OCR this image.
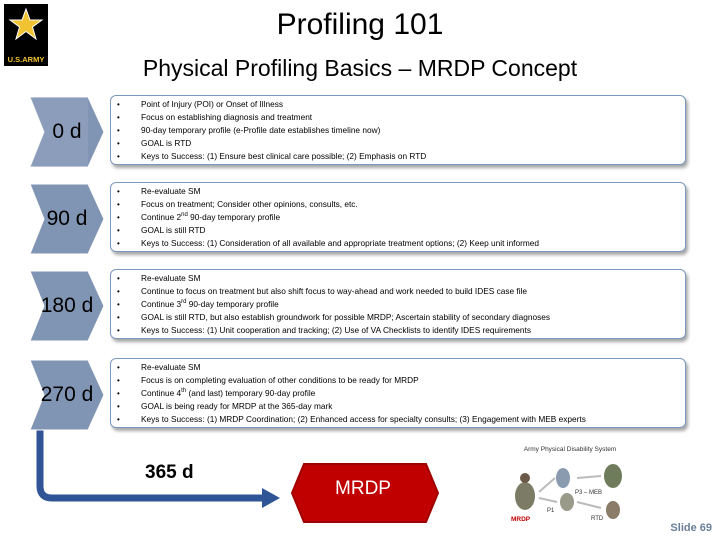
U.S.ARMY
Profiling 101
Physical Profiling Basics – MRDP Concept
0 d
• Point of Injury (POI) or Onset of Illness
• Focus on establishing diagnosis and treatment
• 90-day temporary profile (e-Profile date establishes timeline now)
• GOAL is RTD
• Keys to Success: (1) Ensure best clinical care possible; (2) Emphasis on RTD
90 d
• Re-evaluate SM
• Focus on treatment; Consider other opinions, consults, etc.
• Continue 2nd 90-day temporary profile
• GOAL is still RTD
• Keys to Success: (1) Consideration of all available and appropriate treatment options; (2) Keep unit informed
180 d
• Re-evaluate SM
• Continue to focus on treatment but also shift focus to way-ahead and work needed to build IDES case file
• Continue 3rd 90-day temporary profile
• GOAL is still RTD, but also establish groundwork for possible MRDP; Ascertain stability of secondary diagnoses
• Keys to Success: (1) Unit cooperation and tracking; (2) Use of VA Checklists to identify IDES requirements
270 d
• Re-evaluate SM
• Focus is on completing evaluation of other conditions to be ready for MRDP
• Continue 4th (and last) temporary 90-day profile
• GOAL is being ready for MRDP at the 365-day mark
• Keys to Success: (1) MRDP Coordination; (2) Enhanced access for specialty consults; (3) Engagement with MEB experts
365 d
MRDP
Army Physical Disability System
P3 – MEB
P1
MRDP	RTD
Slide 69
